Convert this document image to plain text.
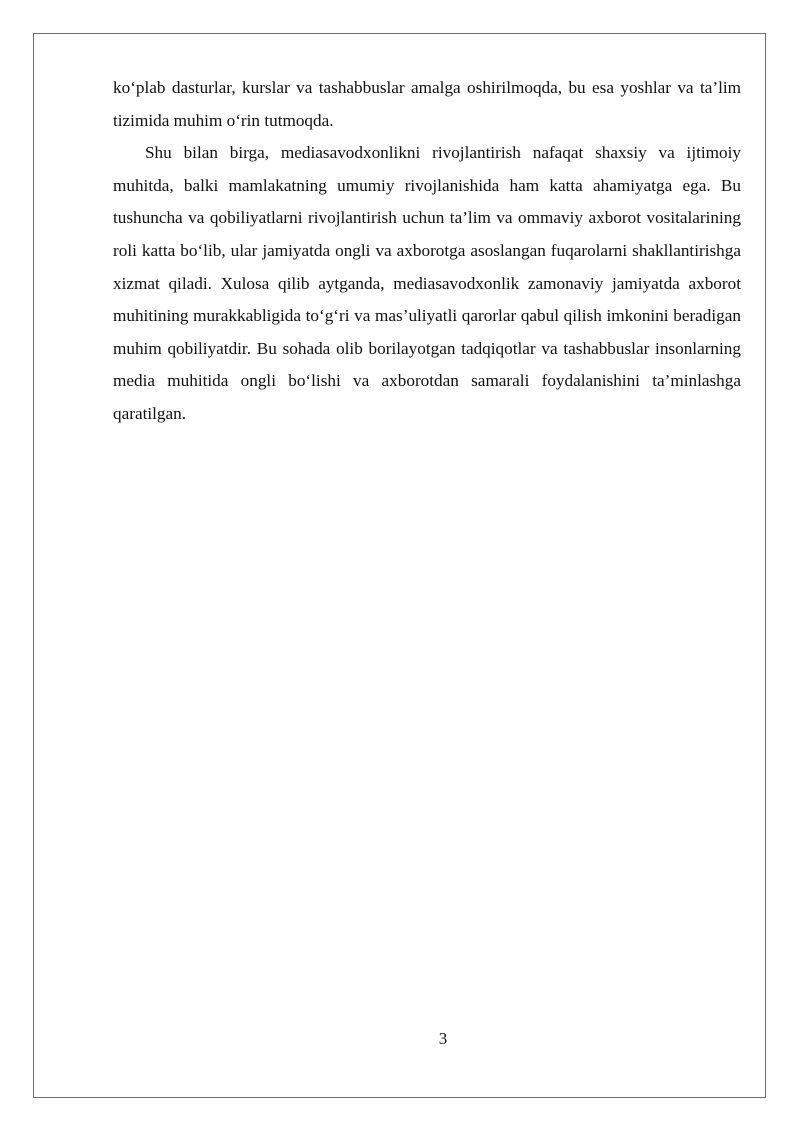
ko‘plab dasturlar, kurslar va tashabbuslar amalga oshirilmoqda, bu esa yoshlar va ta’lim tizimida muhim o‘rin tutmoqda.

Shu bilan birga, mediasavodxonlikni rivojlantirish nafaqat shaxsiy va ijtimoiy muhitda, balki mamlakatning umumiy rivojlanishida ham katta ahamiyatga ega. Bu tushuncha va qobiliyatlarni rivojlantirish uchun ta’lim va ommaviy axborot vositalarining roli katta bo‘lib, ular jamiyatda ongli va axborotga asoslangan fuqarolarni shakllantirishga xizmat qiladi. Xulosa qilib aytganda, mediasavodxonlik zamonaviy jamiyatda axborot muhitining murakkabligida to‘g‘ri va mas’uliyatli qarorlar qabul qilish imkonini beradigan muhim qobiliyatdir. Bu sohada olib borilayotgan tadqiqotlar va tashabbuslar insonlarning media muhitida ongli bo‘lishi va axborotdan samarali foydalanishini ta’minlashga qaratilgan.

3
